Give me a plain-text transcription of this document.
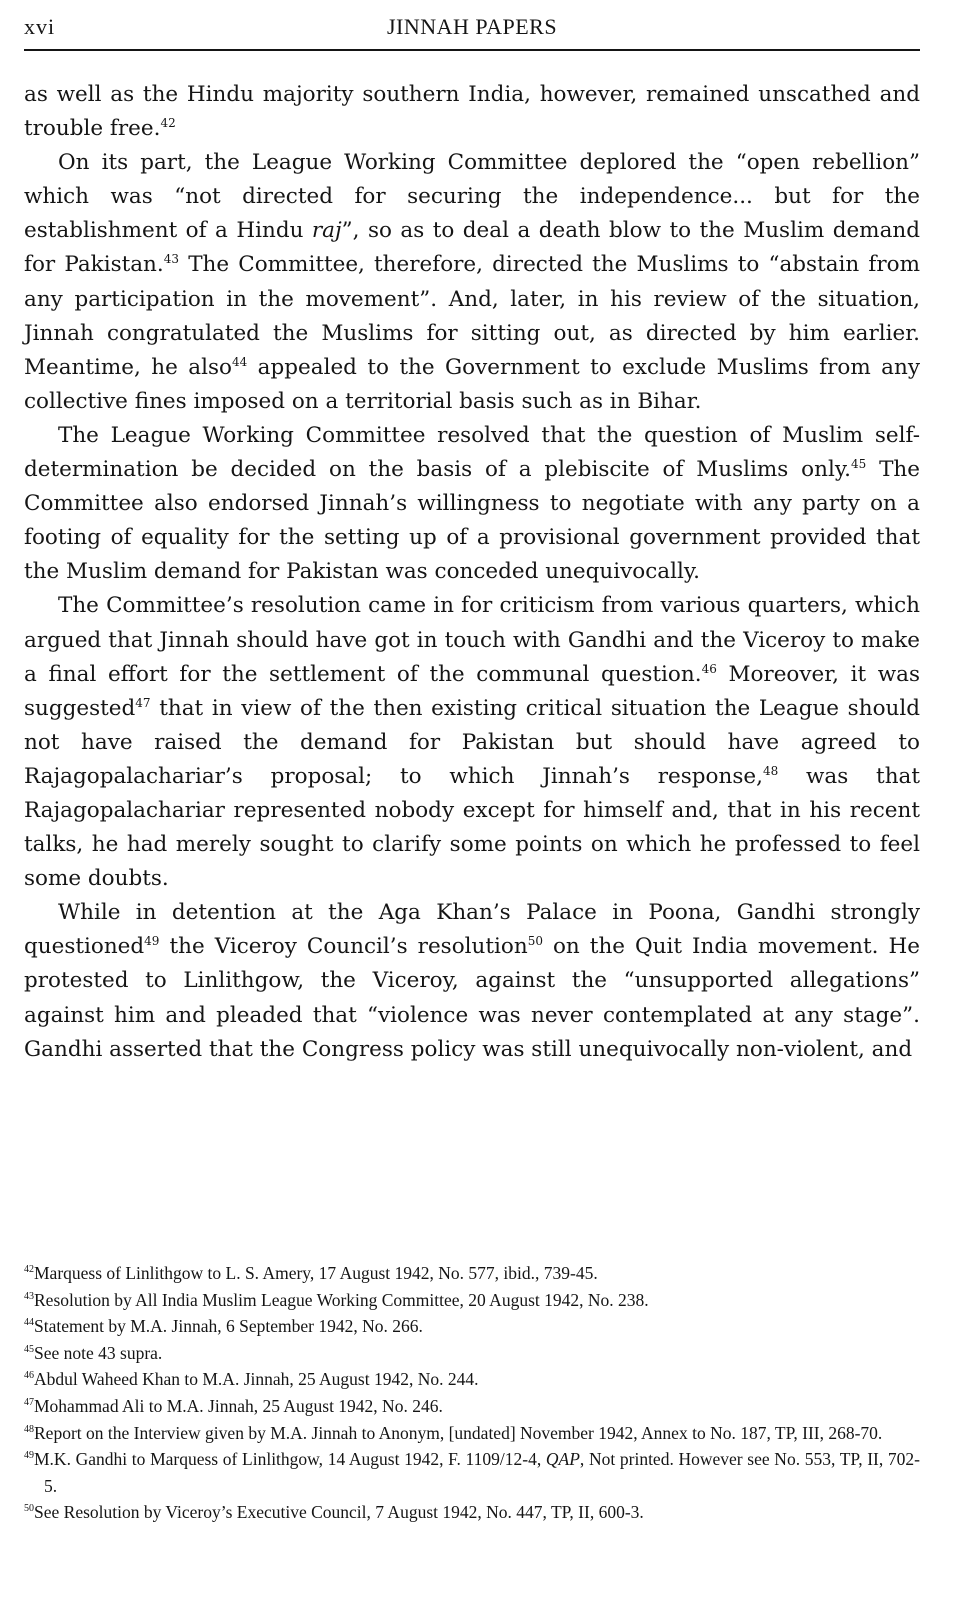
xvi	JINNAH PAPERS

as well as the Hindu majority southern India, however, remained unscathed and trouble free.$^{42}$

On its part, the League Working Committee deplored the “open rebellion” which was “not directed for securing the independence... but for the establishment of a Hindu raj”, so as to deal a death blow to the Muslim demand for Pakistan.$^{43}$ The Committee, therefore, directed the Muslims to “abstain from any participation in the movement”. And, later, in his review of the situation, Jinnah congratulated the Muslims for sitting out, as directed by him earlier. Meantime, he also$^{44}$ appealed to the Government to exclude Muslims from any collective fines imposed on a territorial basis such as in Bihar.

The League Working Committee resolved that the question of Muslim self-determination be decided on the basis of a plebiscite of Muslims only.$^{45}$ The Committee also endorsed Jinnah’s willingness to negotiate with any party on a footing of equality for the setting up of a provisional government provided that the Muslim demand for Pakistan was conceded unequivocally.

The Committee’s resolution came in for criticism from various quarters, which argued that Jinnah should have got in touch with Gandhi and the Viceroy to make a final effort for the settlement of the communal question.$^{46}$ Moreover, it was suggested$^{47}$ that in view of the then existing critical situation the League should not have raised the demand for Pakistan but should have agreed to Rajagopalachariar’s proposal; to which Jinnah’s response,$^{48}$ was that Rajagopalachariar represented nobody except for himself and, that in his recent talks, he had merely sought to clarify some points on which he professed to feel some doubts.

While in detention at the Aga Khan’s Palace in Poona, Gandhi strongly questioned$^{49}$ the Viceroy Council’s resolution$^{50}$ on the Quit India movement. He protested to Linlithgow, the Viceroy, against the “unsupported allegations” against him and pleaded that “violence was never contemplated at any stage”. Gandhi asserted that the Congress policy was still unequivocally non-violent, and

$^{42}$Marquess of Linlithgow to L. S. Amery, 17 August 1942, No. 577, ibid., 739-45.
$^{43}$Resolution by All India Muslim League Working Committee, 20 August 1942, No. 238.
$^{44}$Statement by M.A. Jinnah, 6 September 1942, No. 266.
$^{45}$See note 43 supra.
$^{46}$Abdul Waheed Khan to M.A. Jinnah, 25 August 1942, No. 244.
$^{47}$Mohammad Ali to M.A. Jinnah, 25 August 1942, No. 246.
$^{48}$Report on the Interview given by M.A. Jinnah to Anonym, [undated] November 1942, Annex to No. 187, TP, III, 268-70.
$^{49}$M.K. Gandhi to Marquess of Linlithgow, 14 August 1942, F. 1109/12-4, QAP, Not printed. However see No. 553, TP, II, 702-5.
$^{50}$See Resolution by Viceroy’s Executive Council, 7 August 1942, No. 447, TP, II, 600-3.
